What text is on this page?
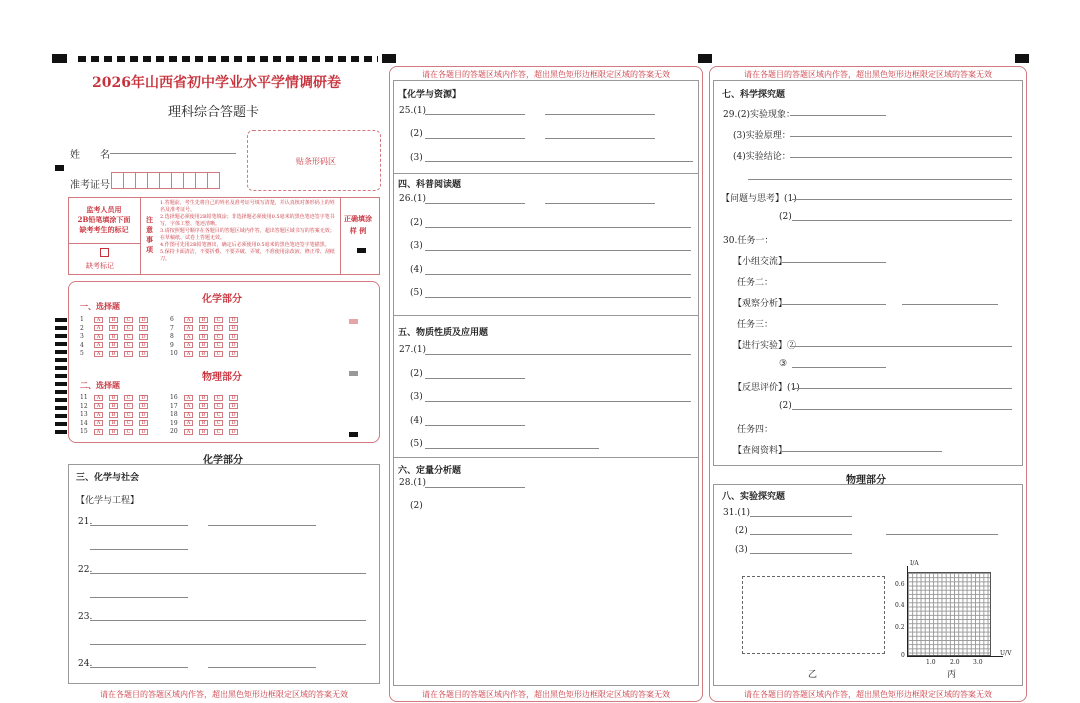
2026年山西省初中学业水平学情调研卷
理科综合答题卡
姓　　名
准考证号
贴条形码区
监考人员用
2B铅笔填涂下面
缺考考生的标记
缺考标记
注
意
事
项
1.答题前，考生先将自己的姓名及准考证号填写清楚，并认真核对条形码上的姓名及准考证号。
2.选择题必须使用2B铅笔填涂；非选择题必须使用0.5毫米的黑色笔迹签字笔书写，字体工整、笔迹清晰。
3.请按照题号顺序在各题目的答题区域内作答，超出答题区域书写的答案无效；在草稿纸、试卷上答题无效。
4.作图可先用2B铅笔画出，确定后必须使用0.5毫米的黑色笔迹签字笔描黑。
5.保持卡面清洁，不要折叠、不要弄破、弄皱，不准使用涂改液、修正带、刮纸刀。
正确填涂
样 例
化学部分
一、选择题
1	A B C D
2	A B C D
3	A B C D
4	A B C D
5	A B C D
6	A B C D
7	A B C D
8	A B C D
9	A B C D
10 A B C D
物理部分
二、选择题
11 A B C D
12 A B C D
13 A B C D
14 A B C D
15 A B C D
16 A B C D
17 A B C D
18 A B C D
19 A B C D
20 A B C D
化学部分
三、化学与社会
【化学与工程】
21.
22.
23.
24.
请在各题目的答题区域内作答，超出黑色矩形边框限定区域的答案无效
请在各题目的答题区域内作答，超出黑色矩形边框限定区域的答案无效
【化学与资源】
25.(1)
(2)
(3)
四、科普阅读题
26.(1)
(2)
(3)
(4)
(5)
五、物质性质及应用题
27.(1)
(2)
(3)
(4)
(5)
六、定量分析题
28.(1)
(2)
请在各题目的答题区域内作答，超出黑色矩形边框限定区域的答案无效
请在各题目的答题区域内作答，超出黑色矩形边框限定区域的答案无效
七、科学探究题
29.(2)实验现象：
(3)实验原理：
(4)实验结论：
【问题与思考】(1)
(2)
30.任务一：
【小组交流】
任务二：
【观察分析】
任务三：
【进行实验】②
③
【反思评价】(1)
(2)
任务四：
【查阅资料】
物理部分
八、实验探究题
31.(1)
(2)
(3)
乙
I/A
U/V
0.6
0.4
0.2
0
1.0 2.0 3.0
丙
请在各题目的答题区域内作答，超出黑色矩形边框限定区域的答案无效
